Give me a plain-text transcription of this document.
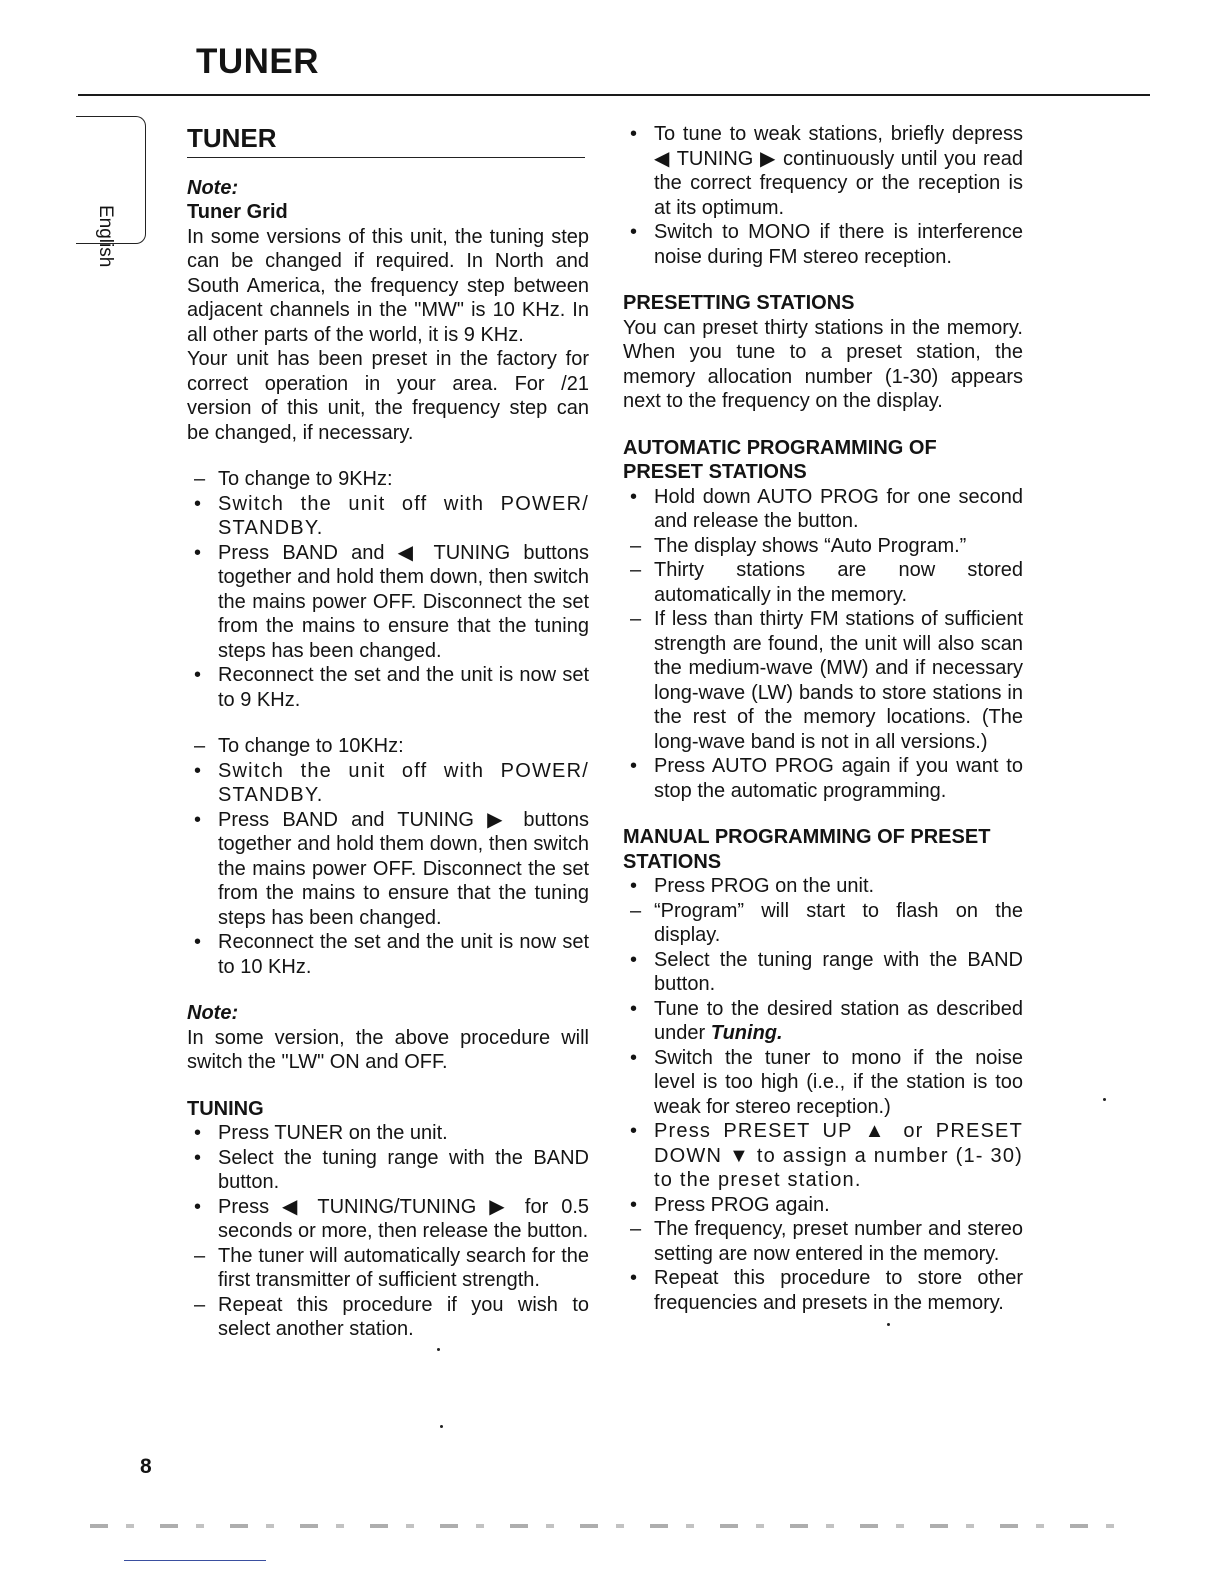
TUNER
English
TUNER

Note:

Tuner Grid

In some versions of this unit, the tuning step can be changed if required. In North and South America, the frequency step between adjacent channels in the "MW" is 10 KHz. In all other parts of the world, it is 9 KHz.

Your unit has been preset in the factory for correct operation in your area. For /21 version of this unit, the frequency step can be changed, if necessary.

– To change to 9KHz:
• Switch the unit off with POWER/ STANDBY.
• Press BAND and ◀ TUNING buttons together and hold them down, then switch the mains power OFF. Disconnect the set from the mains to ensure that the tuning steps has been changed.
• Reconnect the set and the unit is now set to 9 KHz.
– To change to 10KHz:
• Switch the unit off with POWER/ STANDBY.
• Press BAND and TUNING ▶ buttons together and hold them down, then switch the mains power OFF. Disconnect the set from the mains to ensure that the tuning steps has been changed.
• Reconnect the set and the unit is now set to 10 KHz.

Note:

In some version, the above procedure will switch the "LW" ON and OFF.

TUNING

• Press TUNER on the unit.
• Select the tuning range with the BAND button.
• Press ◀ TUNING/TUNING ▶ for 0.5 seconds or more, then release the button.
– The tuner will automatically search for the first transmitter of sufficient strength.
– Repeat this procedure if you wish to select another station.
• To tune to weak stations, briefly depress ◀ TUNING ▶ continuously until you read the correct frequency or the reception is at its optimum.
• Switch to MONO if there is interference noise during FM stereo reception.

PRESETTING STATIONS

You can preset thirty stations in the memory. When you tune to a preset station, the memory allocation number (1-30) appears next to the frequency on the display.

AUTOMATIC PROGRAMMING OF
PRESET STATIONS

• Hold down AUTO PROG for one second and release the button.
– The display shows “Auto Program.”
– Thirty stations are now stored automatically in the memory.
– If less than thirty FM stations of sufficient strength are found, the unit will also scan the medium-wave (MW) and if necessary long-wave (LW) bands to store stations in the rest of the memory locations. (The long-wave band is not in all versions.)
• Press AUTO PROG again if you want to stop the automatic programming.

MANUAL PROGRAMMING OF PRESET
STATIONS

• Press PROG on the unit.
– “Program” will start to flash on the display.
• Select the tuning range with the BAND button.
• Tune to the desired station as described under Tuning.
• Switch the tuner to mono if the noise level is too high (i.e., if the station is too weak for stereo reception.)
• Press PRESET UP ▲ or PRESET DOWN ▼ to assign a number (1- 30) to the preset station.
• Press PROG again.
– The frequency, preset number and stereo setting are now entered in the memory.
• Repeat this procedure to store other frequencies and presets in the memory.
8
